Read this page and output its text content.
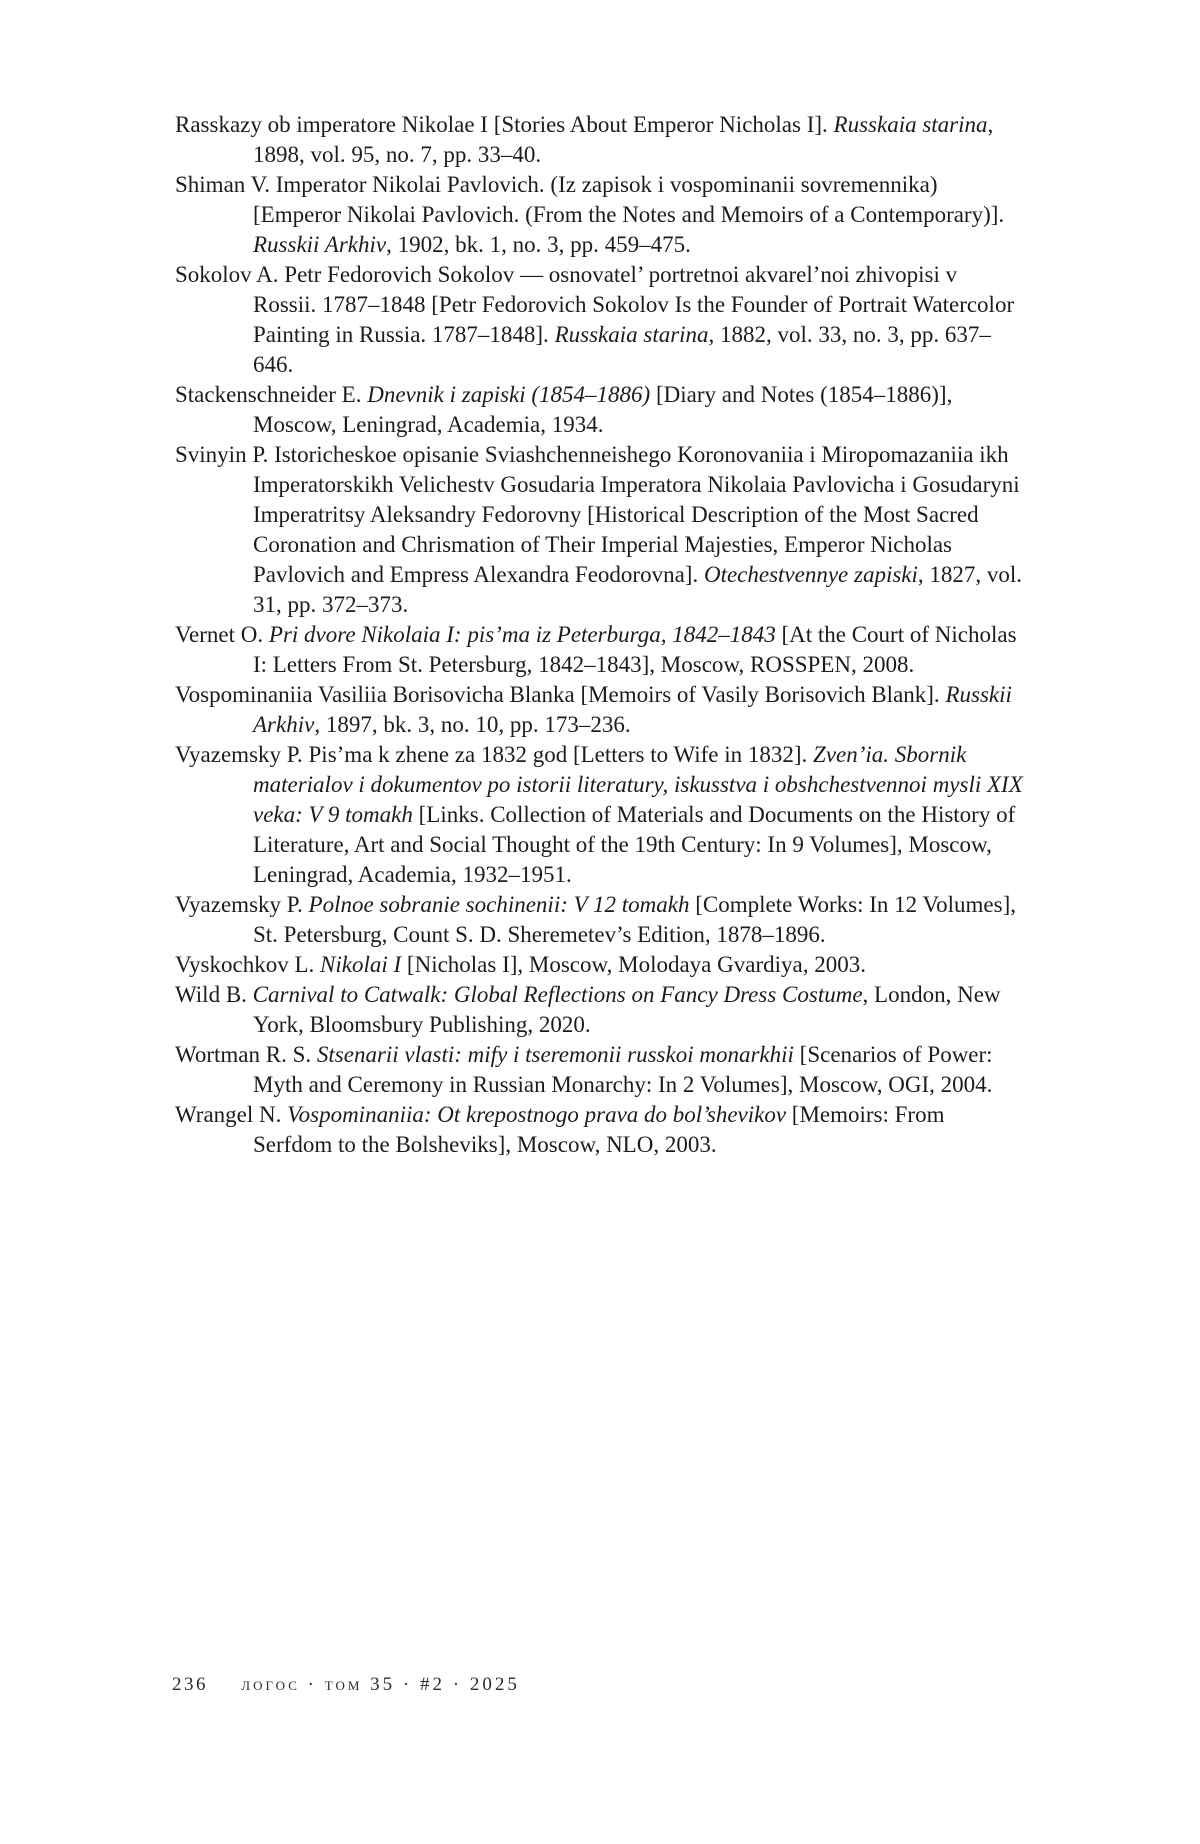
Rasskazy ob imperatore Nikolae I [Stories About Emperor Nicholas I]. Russkaia starina, 1898, vol. 95, no. 7, pp. 33–40.

Shiman V. Imperator Nikolai Pavlovich. (Iz zapisok i vospominanii sovremennika) [Emperor Nikolai Pavlovich. (From the Notes and Memoirs of a Contemporary)]. Russkii Arkhiv, 1902, bk. 1, no. 3, pp. 459–475.

Sokolov A. Petr Fedorovich Sokolov — osnovatel’ portretnoi akvarel’noi zhivopisi v Rossii. 1787–1848 [Petr Fedorovich Sokolov Is the Founder of Portrait Watercolor Painting in Russia. 1787–1848]. Russkaia starina, 1882, vol. 33, no. 3, pp. 637–646.

Stackenschneider E. Dnevnik i zapiski (1854–1886) [Diary and Notes (1854–1886)], Moscow, Leningrad, Academia, 1934.

Svinyin P. Istoricheskoe opisanie Sviashchenneishego Koronovaniia i Miropomazaniia ikh Imperatorskikh Velichestv Gosudaria Imperatora Nikolaia Pavlovicha i Gosudaryni Imperatritsy Aleksandry Fedorovny [Historical Description of the Most Sacred Coronation and Chrismation of Their Imperial Majesties, Emperor Nicholas Pavlovich and Empress Alexandra Feodorovna]. Otechestvennye zapiski, 1827, vol. 31, pp. 372–373.

Vernet O. Pri dvore Nikolaia I: pis’ma iz Peterburga, 1842–1843 [At the Court of Nicholas I: Letters From St. Petersburg, 1842–1843], Moscow, ROSSPEN, 2008.

Vospominaniia Vasiliia Borisovicha Blanka [Memoirs of Vasily Borisovich Blank]. Russkii Arkhiv, 1897, bk. 3, no. 10, pp. 173–236.

Vyazemsky P. Pis’ma k zhene za 1832 god [Letters to Wife in 1832]. Zven’ia. Sbornik materialov i dokumentov po istorii literatury, iskusstva i obshchestvennoi mysli XIX veka: V 9 tomakh [Links. Collection of Materials and Documents on the History of Literature, Art and Social Thought of the 19th Century: In 9 Volumes], Moscow, Leningrad, Academia, 1932–1951.

Vyazemsky P. Polnoe sobranie sochinenii: V 12 tomakh [Complete Works: In 12 Volumes], St. Petersburg, Count S. D. Sheremetev’s Edition, 1878–1896.

Vyskochkov L. Nikolai I [Nicholas I], Moscow, Molodaya Gvardiya, 2003.

Wild B. Carnival to Catwalk: Global Reflections on Fancy Dress Costume, London, New York, Bloomsbury Publishing, 2020.

Wortman R. S. Stsenarii vlasti: mify i tseremonii russkoi monarkhii [Scenarios of Power: Myth and Ceremony in Russian Monarchy: In 2 Volumes], Moscow, OGI, 2004.

Wrangel N. Vospominaniia: Ot krepostnogo prava do bol’shevikov [Memoirs: From Serfdom to the Bolsheviks], Moscow, NLO, 2003.

236 логос · том 35 · #2 · 2025
